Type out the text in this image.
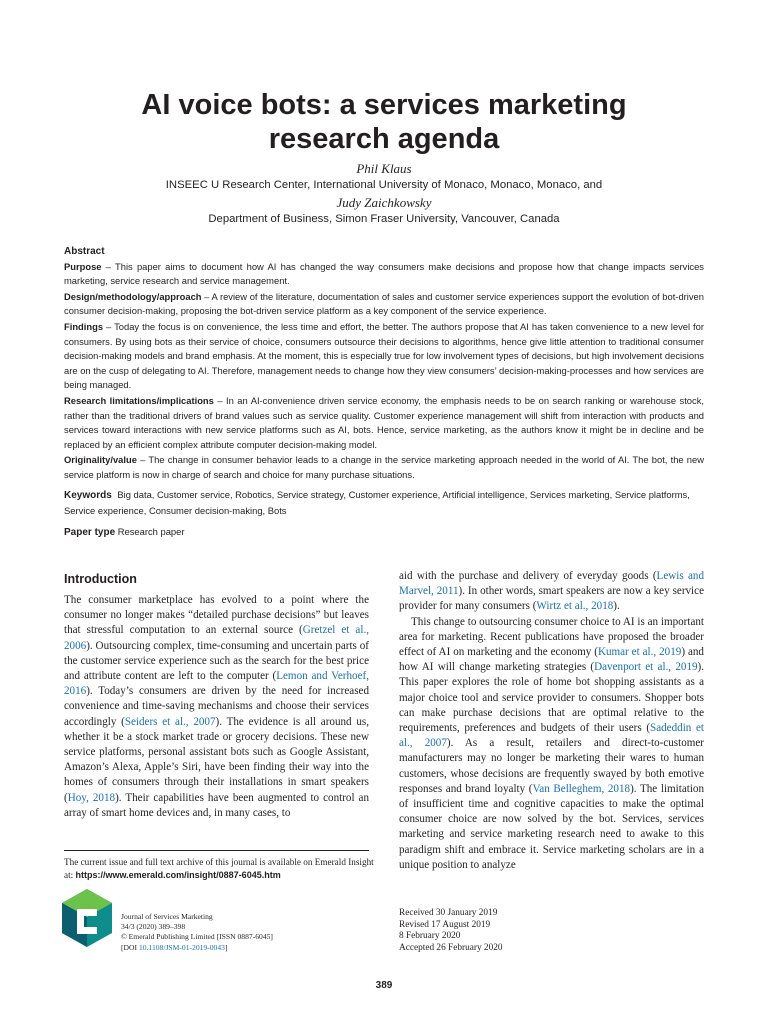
AI voice bots: a services marketing
research agenda
Phil Klaus
INSEEC U Research Center, International University of Monaco, Monaco, Monaco, and
Judy Zaichkowsky
Department of Business, Simon Fraser University, Vancouver, Canada
Abstract

Purpose – This paper aims to document how AI has changed the way consumers make decisions and propose how that change impacts services marketing, service research and service management.

Design/methodology/approach – A review of the literature, documentation of sales and customer service experiences support the evolution of bot-driven consumer decision-making, proposing the bot-driven service platform as a key component of the service experience.

Findings – Today the focus is on convenience, the less time and effort, the better. The authors propose that AI has taken convenience to a new level for consumers. By using bots as their service of choice, consumers outsource their decisions to algorithms, hence give little attention to traditional consumer decision-making models and brand emphasis. At the moment, this is especially true for low involvement types of decisions, but high involvement decisions are on the cusp of delegating to AI. Therefore, management needs to change how they view consumers’ decision-making-processes and how services are being managed.

Research limitations/implications – In an AI-convenience driven service economy, the emphasis needs to be on search ranking or warehouse stock, rather than the traditional drivers of brand values such as service quality. Customer experience management will shift from interaction with products and services toward interactions with new service platforms such as AI, bots. Hence, service marketing, as the authors know it might be in decline and be replaced by an efficient complex attribute computer decision-making model.

Originality/value – The change in consumer behavior leads to a change in the service marketing approach needed in the world of AI. The bot, the new service platform is now in charge of search and choice for many purchase situations.

Keywords Big data, Customer service, Robotics, Service strategy, Customer experience, Artificial intelligence, Services marketing, Service platforms, Service experience, Consumer decision-making, Bots
Paper type Research paper
Introduction

The consumer marketplace has evolved to a point where the consumer no longer makes “detailed purchase decisions” but leaves that stressful computation to an external source (Gretzel et al., 2006). Outsourcing complex, time-consuming and uncertain parts of the customer service experience such as the search for the best price and attribute content are left to the computer (Lemon and Verhoef, 2016). Today’s consumers are driven by the need for increased convenience and time-saving mechanisms and choose their services accordingly (Seiders et al., 2007). The evidence is all around us, whether it be a stock market trade or grocery decisions. These new service platforms, personal assistant bots such as Google Assistant, Amazon’s Alexa, Apple’s Siri, have been finding their way into the homes of consumers through their installations in smart speakers (Hoy, 2018). Their capabilities have been augmented to control an array of smart home devices and, in many cases, to

aid with the purchase and delivery of everyday goods (Lewis and Marvel, 2011). In other words, smart speakers are now a key service provider for many consumers (Wirtz et al., 2018).

This change to outsourcing consumer choice to AI is an important area for marketing. Recent publications have proposed the broader effect of AI on marketing and the economy (Kumar et al., 2019) and how AI will change marketing strategies (Davenport et al., 2019). This paper explores the role of home bot shopping assistants as a major choice tool and service provider to consumers. Shopper bots can make purchase decisions that are optimal relative to the requirements, preferences and budgets of their users (Sadeddin et al., 2007). As a result, retailers and direct-to-customer manufacturers may no longer be marketing their wares to human customers, whose decisions are frequently swayed by both emotive responses and brand loyalty (Van Belleghem, 2018). The limitation of insufficient time and cognitive capacities to make the optimal consumer choice are now solved by the bot. Services, services marketing and service marketing research need to awake to this paradigm shift and embrace it. Service marketing scholars are in a unique position to analyze

The current issue and full text archive of this journal is available on Emerald Insight at: https://www.emerald.com/insight/0887-6045.htm
Journal of Services Marketing
34/3 (2020) 389–398
© Emerald Publishing Limited [ISSN 0887-6045]
[DOI 10.1108/JSM-01-2019-0043]
Received 30 January 2019
Revised 17 August 2019
8 February 2020
Accepted 26 February 2020
389
